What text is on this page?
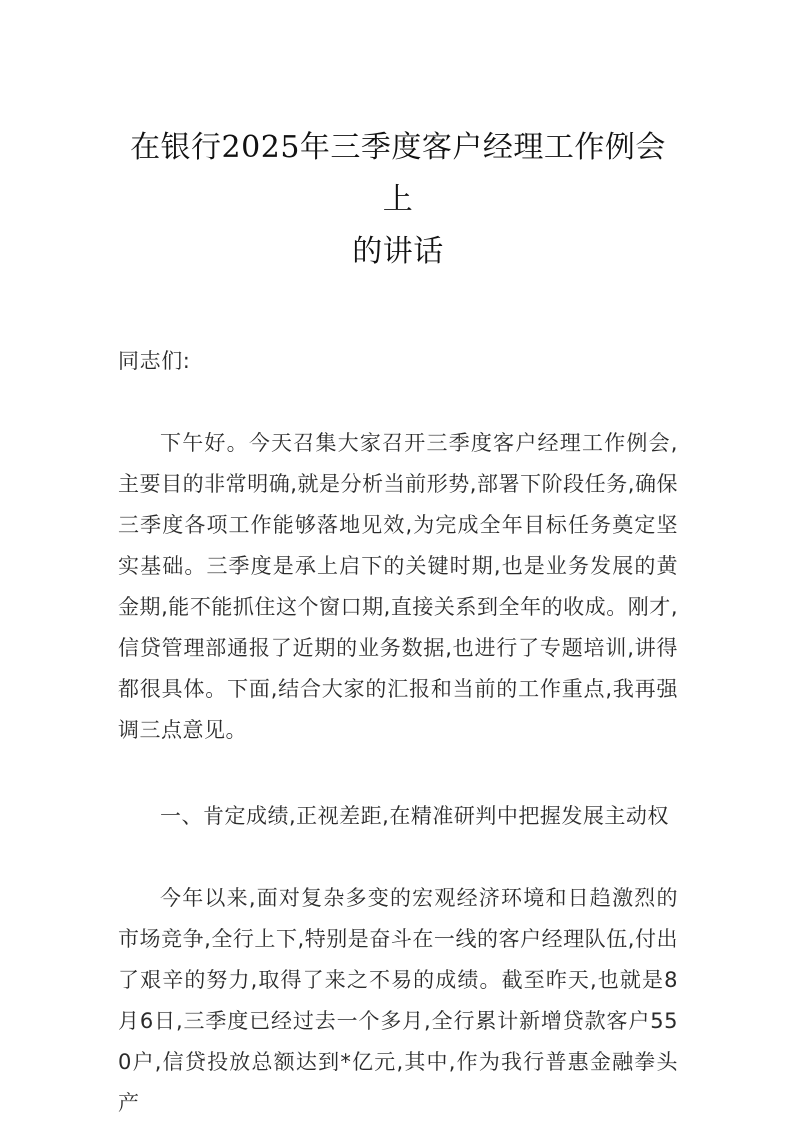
在银行2025年三季度客户经理工作例会上
的讲话

同志们:

下午好。今天召集大家召开三季度客户经理工作例会,主要目的非常明确,就是分析当前形势,部署下阶段任务,确保三季度各项工作能够落地见效,为完成全年目标任务奠定坚实基础。三季度是承上启下的关键时期,也是业务发展的黄金期,能不能抓住这个窗口期,直接关系到全年的收成。刚才,信贷管理部通报了近期的业务数据,也进行了专题培训,讲得都很具体。下面,结合大家的汇报和当前的工作重点,我再强调三点意见。

一、肯定成绩,正视差距,在精准研判中把握发展主动权

今年以来,面对复杂多变的宏观经济环境和日趋激烈的市场竞争,全行上下,特别是奋斗在一线的客户经理队伍,付出了艰辛的努力,取得了来之不易的成绩。截至昨天,也就是8月6日,三季度已经过去一个多月,全行累计新增贷款客户550户,信贷投放总额达到*亿元,其中,作为我行普惠金融拳头产
